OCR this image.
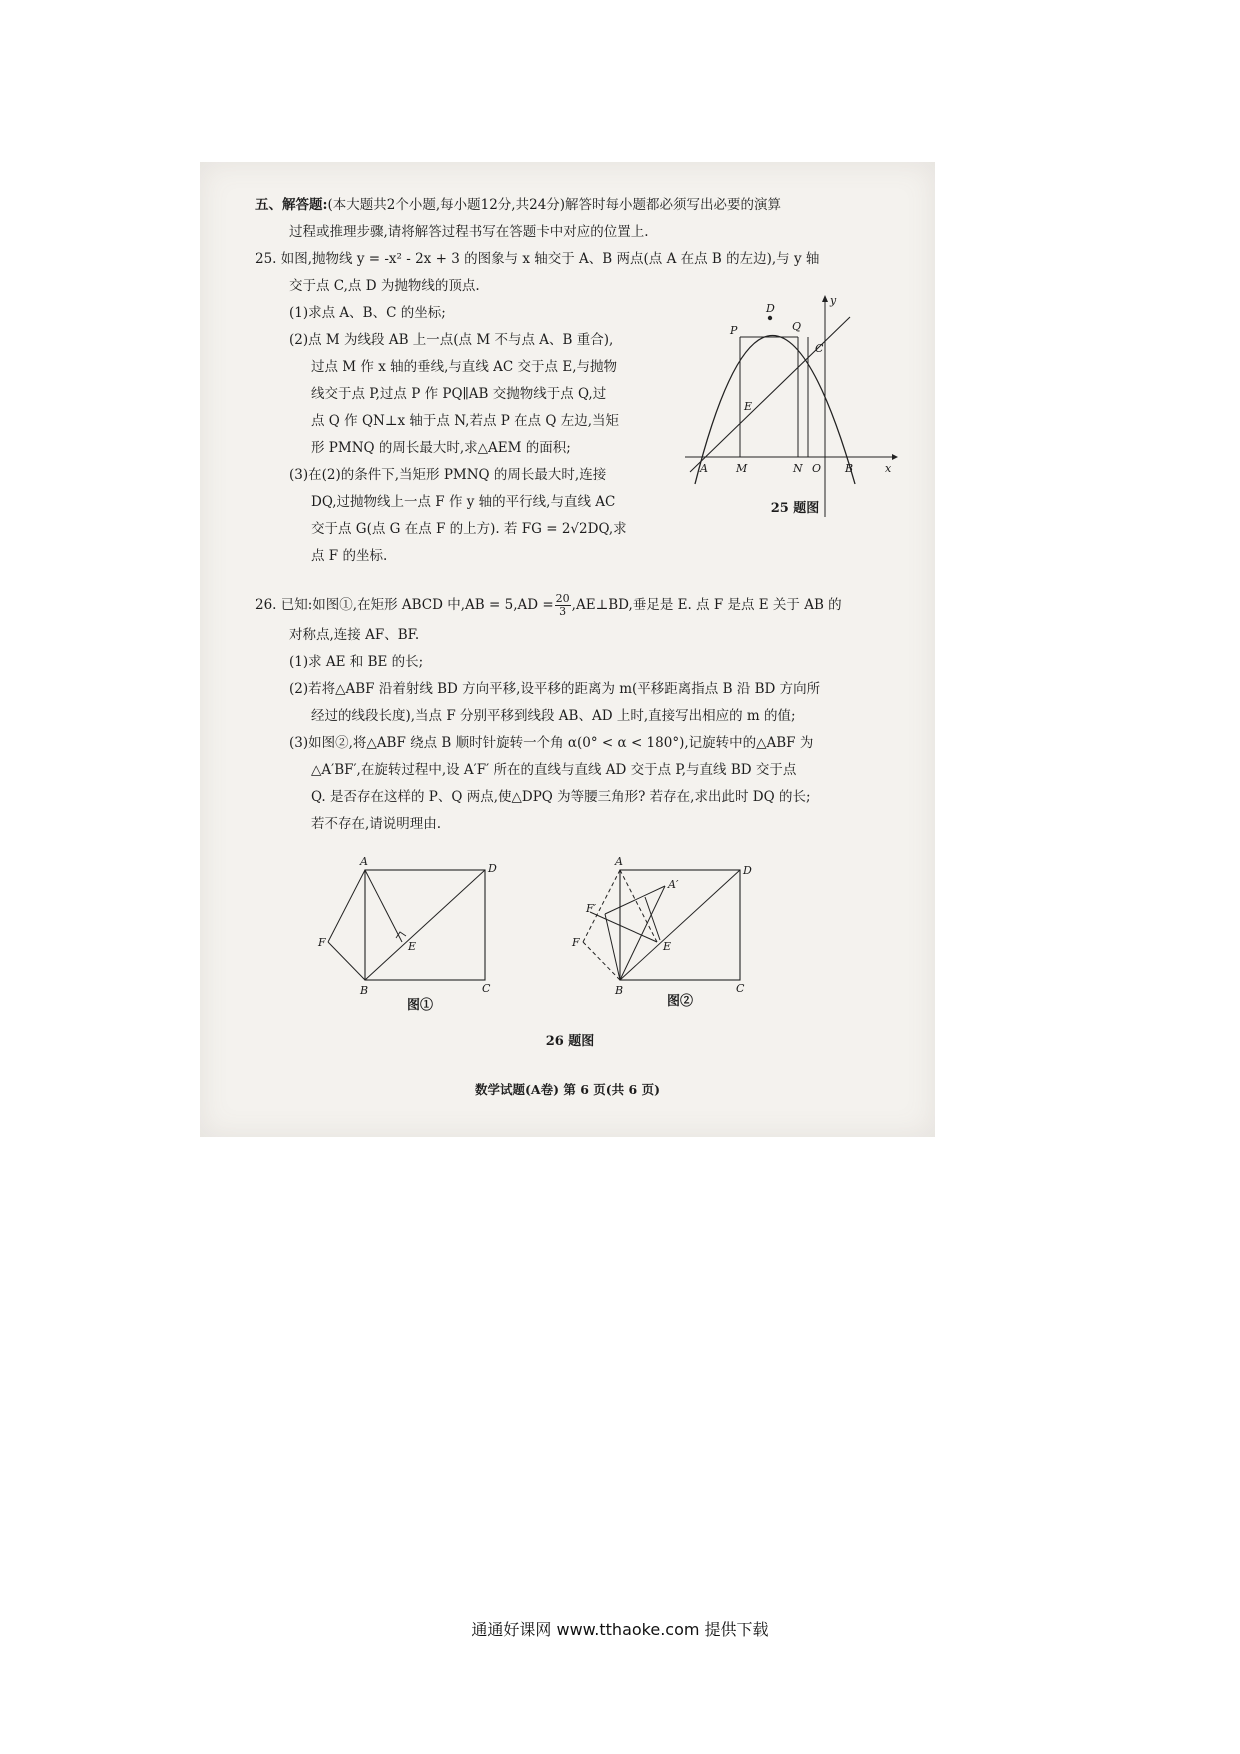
五、解答题:(本大题共2个小题,每小题12分,共24分)解答时每小题都必须写出必要的演算
过程或推理步骤,请将解答过程书写在答题卡中对应的位置上.
25. 如图,抛物线 y = -x² - 2x + 3 的图象与 x 轴交于 A、B 两点(点 A 在点 B 的左边),与 y 轴
交于点 C,点 D 为抛物线的顶点.
(1)求点 A、B、C 的坐标;
(2)点 M 为线段 AB 上一点(点 M 不与点 A、B 重合),
过点 M 作 x 轴的垂线,与直线 AC 交于点 E,与抛物
线交于点 P,过点 P 作 PQ∥AB 交抛物线于点 Q,过
点 Q 作 QN⊥x 轴于点 N,若点 P 在点 Q 左边,当矩
形 PMNQ 的周长最大时,求△AEM 的面积;
(3)在(2)的条件下,当矩形 PMNQ 的周长最大时,连接
DQ,过抛物线上一点 F 作 y 轴的平行线,与直线 AC
交于点 G(点 G 在点 F 的上方). 若 FG = 2√2DQ,求
点 F 的坐标.
26. 已知:如图①,在矩形 ABCD 中$,AB = 5,AD = \frac{20}{3}$ ,AE⊥BD,垂足是 E. 点 F 是点 E 关于 AB 的
对称点,连接 AF、BF.
(1)求 AE 和 BE 的长;
(2)若将△ABF 沿着射线 BD 方向平移,设平移的距离为 m(平移距离指点 B 沿 BD 方向所
经过的线段长度),当点 F 分别平移到线段 AB、AD 上时,直接写出相应的 m 的值;
(3)如图②,将△ABF 绕点 B 顺时针旋转一个角 α(0° < α < 180°),记旋转中的△ABF 为
△A′BF′,在旋转过程中,设 A′F′ 所在的直线与直线 AD 交于点 P,与直线 BD 交于点
Q. 是否存在这样的 P、Q 两点,使△DPQ 为等腰三角形? 若存在,求出此时 DQ 的长;
若不存在,请说明理由.
D
P	Q
C
E
A	M	N O B	x
y
25 题图
A
D
F	E
B	C
A
A′
F′
F	E
B	C
D
图①	图②
26 题图
数学试题(A卷) 第 6 页(共 6 页)
通通好课网 www.tthaoke.com 提供下载
